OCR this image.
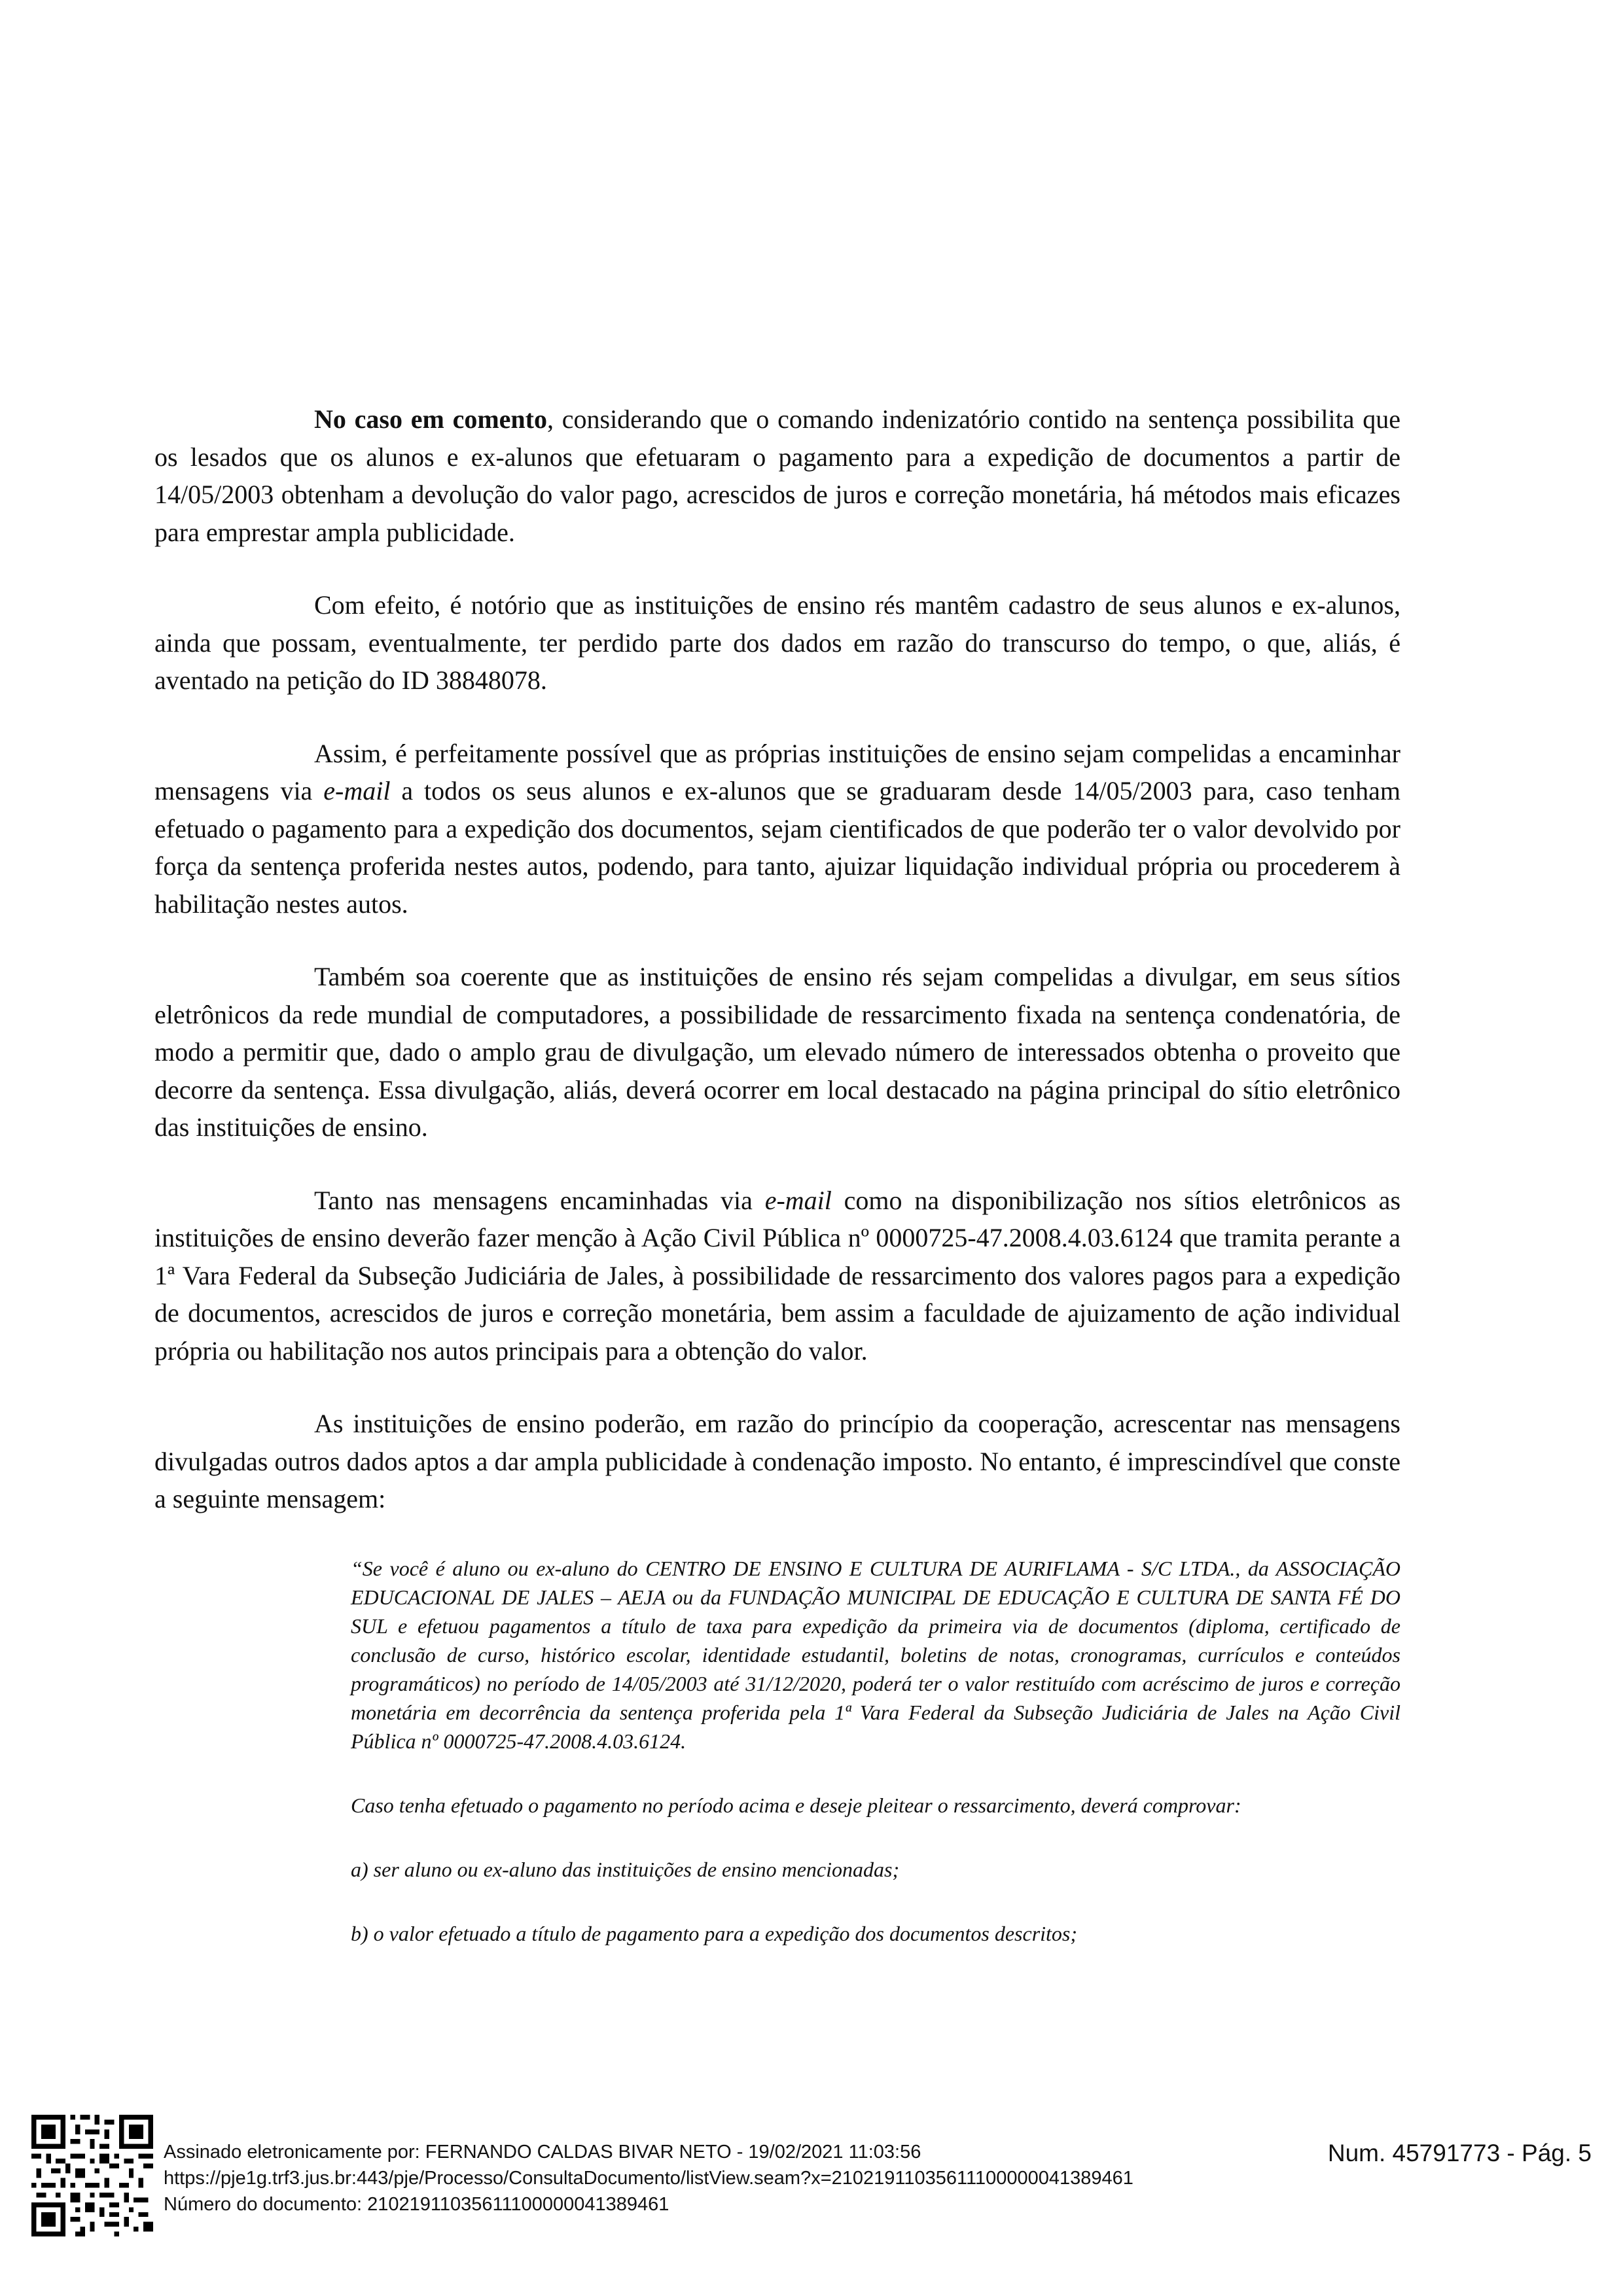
No caso em comento, considerando que o comando indenizatório contido na sentença possibilita que os lesados que os alunos e ex-alunos que efetuaram o pagamento para a expedição de documentos a partir de 14/05/2003 obtenham a devolução do valor pago, acrescidos de juros e correção monetária, há métodos mais eficazes para emprestar ampla publicidade.

Com efeito, é notório que as instituições de ensino rés mantêm cadastro de seus alunos e ex-alunos, ainda que possam, eventualmente, ter perdido parte dos dados em razão do transcurso do tempo, o que, aliás, é aventado na petição do ID 38848078.

Assim, é perfeitamente possível que as próprias instituições de ensino sejam compelidas a encaminhar mensagens via e-mail a todos os seus alunos e ex-alunos que se graduaram desde 14/05/2003 para, caso tenham efetuado o pagamento para a expedição dos documentos, sejam cientificados de que poderão ter o valor devolvido por força da sentença proferida nestes autos, podendo, para tanto, ajuizar liquidação individual própria ou procederem à habilitação nestes autos.

Também soa coerente que as instituições de ensino rés sejam compelidas a divulgar, em seus sítios eletrônicos da rede mundial de computadores, a possibilidade de ressarcimento fixada na sentença condenatória, de modo a permitir que, dado o amplo grau de divulgação, um elevado número de interessados obtenha o proveito que decorre da sentença. Essa divulgação, aliás, deverá ocorrer em local destacado na página principal do sítio eletrônico das instituições de ensino.

Tanto nas mensagens encaminhadas via e-mail como na disponibilização nos sítios eletrônicos as instituições de ensino deverão fazer menção à Ação Civil Pública nº 0000725-47.2008.4.03.6124 que tramita perante a 1ª Vara Federal da Subseção Judiciária de Jales, à possibilidade de ressarcimento dos valores pagos para a expedição de documentos, acrescidos de juros e correção monetária, bem assim a faculdade de ajuizamento de ação individual própria ou habilitação nos autos principais para a obtenção do valor.

As instituições de ensino poderão, em razão do princípio da cooperação, acrescentar nas mensagens divulgadas outros dados aptos a dar ampla publicidade à condenação imposto. No entanto, é imprescindível que conste a seguinte mensagem:

“Se você é aluno ou ex-aluno do CENTRO DE ENSINO E CULTURA DE AURIFLAMA - S/C LTDA., da ASSOCIAÇÃO EDUCACIONAL DE JALES – AEJA ou da FUNDAÇÃO MUNICIPAL DE EDUCAÇÃO E CULTURA DE SANTA FÉ DO SUL e efetuou pagamentos a título de taxa para expedição da primeira via de documentos (diploma, certificado de conclusão de curso, histórico escolar, identidade estudantil, boletins de notas, cronogramas, currículos e conteúdos programáticos) no período de 14/05/2003 até 31/12/2020, poderá ter o valor restituído com acréscimo de juros e correção monetária em decorrência da sentença proferida pela 1ª Vara Federal da Subseção Judiciária de Jales na Ação Civil Pública nº 0000725-47.2008.4.03.6124.

Caso tenha efetuado o pagamento no período acima e deseje pleitear o ressarcimento, deverá comprovar:

a) ser aluno ou ex-aluno das instituições de ensino mencionadas;

b) o valor efetuado a título de pagamento para a expedição dos documentos descritos;

Assinado eletronicamente por: FERNANDO CALDAS BIVAR NETO - 19/02/2021 11:03:56
https://pje1g.trf3.jus.br:443/pje/Processo/ConsultaDocumento/listView.seam?x=21021911035611100000041389461
Número do documento: 21021911035611100000041389461
Num. 45791773 - Pág. 5
